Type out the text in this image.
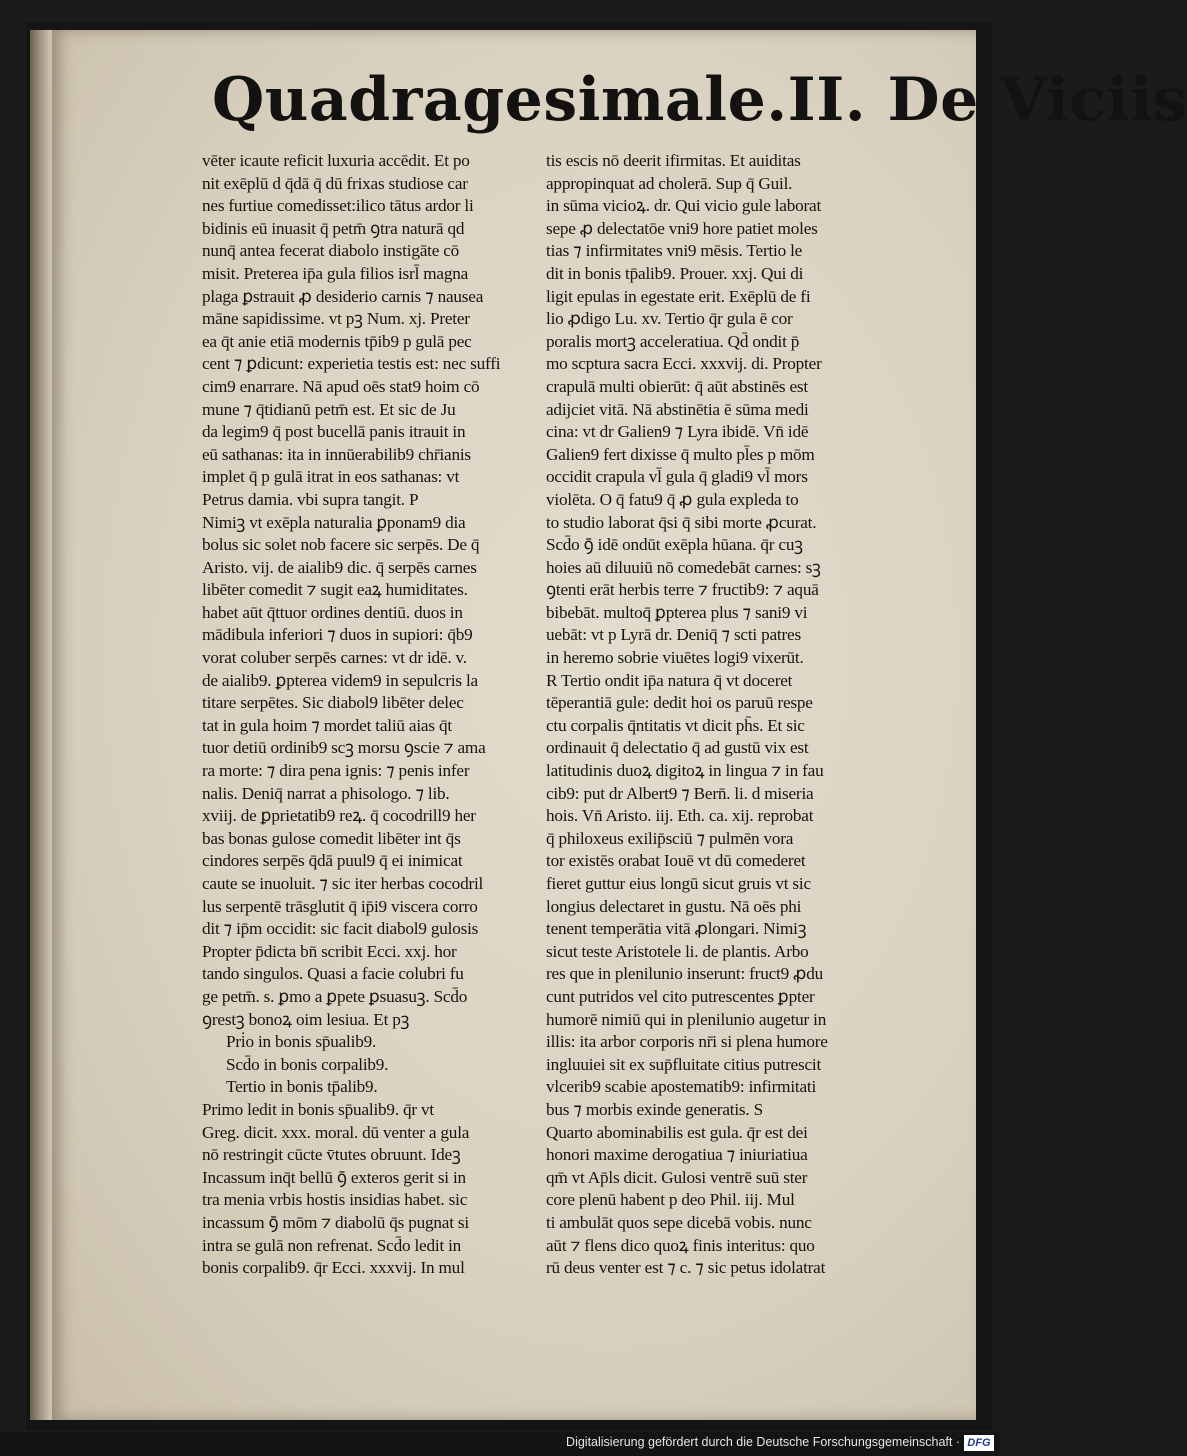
Quadragesimale.II. De Viciis
vēter icaute reficit luxuria accēdit. Et po
nit exēplū d q̄dā q̄ dū frixas studiose car
nes furtiue comedisset:ilico tātus ardor li
bidinis eū inuasit q̄ petm̄ ꝯtra naturā qd
nunq̄ antea fecerat diabolo instigāte cō
misit. Preterea ip̄a gula filios isrl̄ magna
plaga ꝑstrauit ꝓ desiderio carnis ⁊ nausea
māne sapidissime. vt pꝫ Num. xj. Preter
ea q̄t anie etiā modernis tp̄ib9 p gulā pec
cent ⁊ ꝑdicunt: experietia testis est: nec suffi
cim9 enarrare. Nā apud oēs stat9 hoim cō
mune ⁊ q̄tidianū petm̄ est. Et sic de Ju
da legim9 q̄ post bucellā panis itrauit in
eū sathanas: ita in innūerabilib9 chr̄ianis
implet q̄ p gulā itrat in eos sathanas: vt
Petrus damia. vbi supra tangit. P
Nimiꝫ vt exēpla naturalia ꝑponam9 dia
bolus sic solet nob facere sic serpēs. De q̄
Aristo. vij. de aialib9 dic. q̄ serpēs carnes
libēter comedit ⁊ sugit eaꝝ humiditates.
habet aūt q̄ttuor ordines dentiū. duos in
mādibula inferiori ⁊ duos in supiori: q̄b9
vorat coluber serpēs carnes: vt dr idē. v.
de aialib9. ꝑpterea videm9 in sepulcris la
titare serpētes. Sic diabol9 libēter delec
tat in gula hoim ⁊ mordet taliū aias q̄t
tuor detiū ordinib9 scꝫ morsu ꝯscie ⁊ ama
ra morte: ⁊ dira pena ignis: ⁊ penis infer
nalis. Deniq̄ narrat a phisologo. ⁊ lib.
xviij. de ꝑprietatib9 reꝝ. q̄ cocodrill9 her
bas bonas gulose comedit libēter int q̄s
cindores serpēs q̄dā puul9 q̄ ei inimicat
caute se inuoluit. ⁊ sic iter herbas cocodril
lus serpentē trāsglutit q̄ ip̄i9 viscera corro
dit ⁊ ip̄m occidit: sic facit diabol9 gulosis
Propter p̄dicta bn̄ scribit Ecci. xxj. hor
tando singulos. Quasi a facie colubri fu
ge petm̄. s. ꝑmo a ꝑpete ꝑsuasuꝫ. Scd̄o
ꝯrestꝫ bonoꝝ oim lesiua. Et pꝫ
Pri̇o in bonis sp̄ualib9.
Scd̄o in bonis corpalib9.
Tertio in bonis tp̄alib9.
Primo ledit in bonis sp̄ualib9. q̄r vt
Greg. dicit. xxx. moral. dū venter a gula
nō restringit cūcte v̄tutes obruunt. Ideꝫ
Incassum inq̄t bellū ꝯ̄ exteros gerit si in
tra menia vrbis hostis insidias habet. sic
incassum ꝯ̄ mōm ⁊ diabolū q̄s pugnat si
intra se gulā non refrenat. Scd̄o ledit in
bonis corpalib9. q̄r Ecci. xxxvij. In mul
tis escis nō deerit ifirmitas. Et auiditas
appropinquat ad cholerā. Sup q̄ Guil.
in sūma vicioꝝ. dr. Qui vicio gule laborat
sepe ꝓ delectatōe vni9 hore patiet moles
tias ⁊ infirmitates vni9 mēsis. Tertio le
dit in bonis tp̄alib9. Prouer. xxj. Qui di
ligit epulas in egestate erit. Exēplū de fi
lio ꝓdigo Lu. xv. Tertio q̄r gula ē cor
poralis mortꝫ acceleratiua. Qd̄ ondit p̄
mo scptura sacra Ecci. xxxvij. di. Propter
crapulā multi obierūt: q̄ aūt abstinēs est
adijciet vitā. Nā abstinētia ē sūma medi
cina: vt dr Galien9 ⁊ Lyra ibidē. Vn̄ idē
Galien9 fert dixisse q̄ multo pl̄es p mōm
occidit crapula vl̄ gula q̄ gladi9 vl̄ mors
violēta. O q̄ fatu9 q̄ ꝓ gula expleda to
to studio laborat q̄si q̄ sibi morte ꝓcurat.
Scd̄o ꝯ̄ idē ondūt exēpla hūana. q̄r cuꝫ
hoies aū diluuiū nō comedebāt carnes: sꝫ
ꝯtenti erāt herbis terre ⁊ fructib9: ⁊ aquā
bibebāt. multoq̄ ꝑpterea plus ⁊ sani9 vi
uebāt: vt p Lyrā dr. Deniq̄ ⁊ scti patres
in heremo sobrie viuētes logi9 vixerūt.
R Tertio ondit ip̄a natura q̄ vt doceret
tēperantiā gule: dedit hoi os paruū respe
ctu corpalis q̄ntitatis vt dicit ph̄s. Et sic
ordinauit q̄ delectatio q̄ ad gustū vix est
latitudinis duoꝝ digitoꝝ in lingua ⁊ in fau
cib9: put dr Albert9 ⁊ Bern̄. li. d miseria
hois. Vn̄ Aristo. iij. Eth. ca. xij. reprobat
q̄ philoxeus exilip̄sciū ⁊ pulmēn vora
tor existēs orabat Iouē vt dū comederet
fieret guttur eius longū sicut gruis vt sic
longius delectaret in gustu. Nā oēs phi
tenent temperātia vitā ꝓlongari. Nimiꝫ
sicut teste Aristotele li. de plantis. Arbo
res que in plenilunio inserunt: fruct9 ꝓdu
cunt putridos vel cito putrescentes ꝑpter
humorē nimiū qui in plenilunio augetur in
illis: ita arbor corporis nr̄i si plena humore
ingluuiei sit ex sup̄fluitate citius putrescit
vlcerib9 scabie apostematib9: infirmitati
bus ⁊ morbis exinde generatis. S
Quarto abominabilis est gula. q̄r est dei
honori maxime derogatiua ⁊ iniuriatiua
qm̄ vt Ap̄ls dicit. Gulosi ventrē suū ster
core plenū habent p deo Phil. iij. Mul
ti ambulāt quos sepe dicebā vobis. nunc
aūt ⁊ flens dico quoꝝ finis interitus: quo
rū deus venter est ⁊ c. ⁊ sic petus idolatrat
Digitalisierung gefördert durch die Deutsche Forschungsgemeinschaft · DFG
